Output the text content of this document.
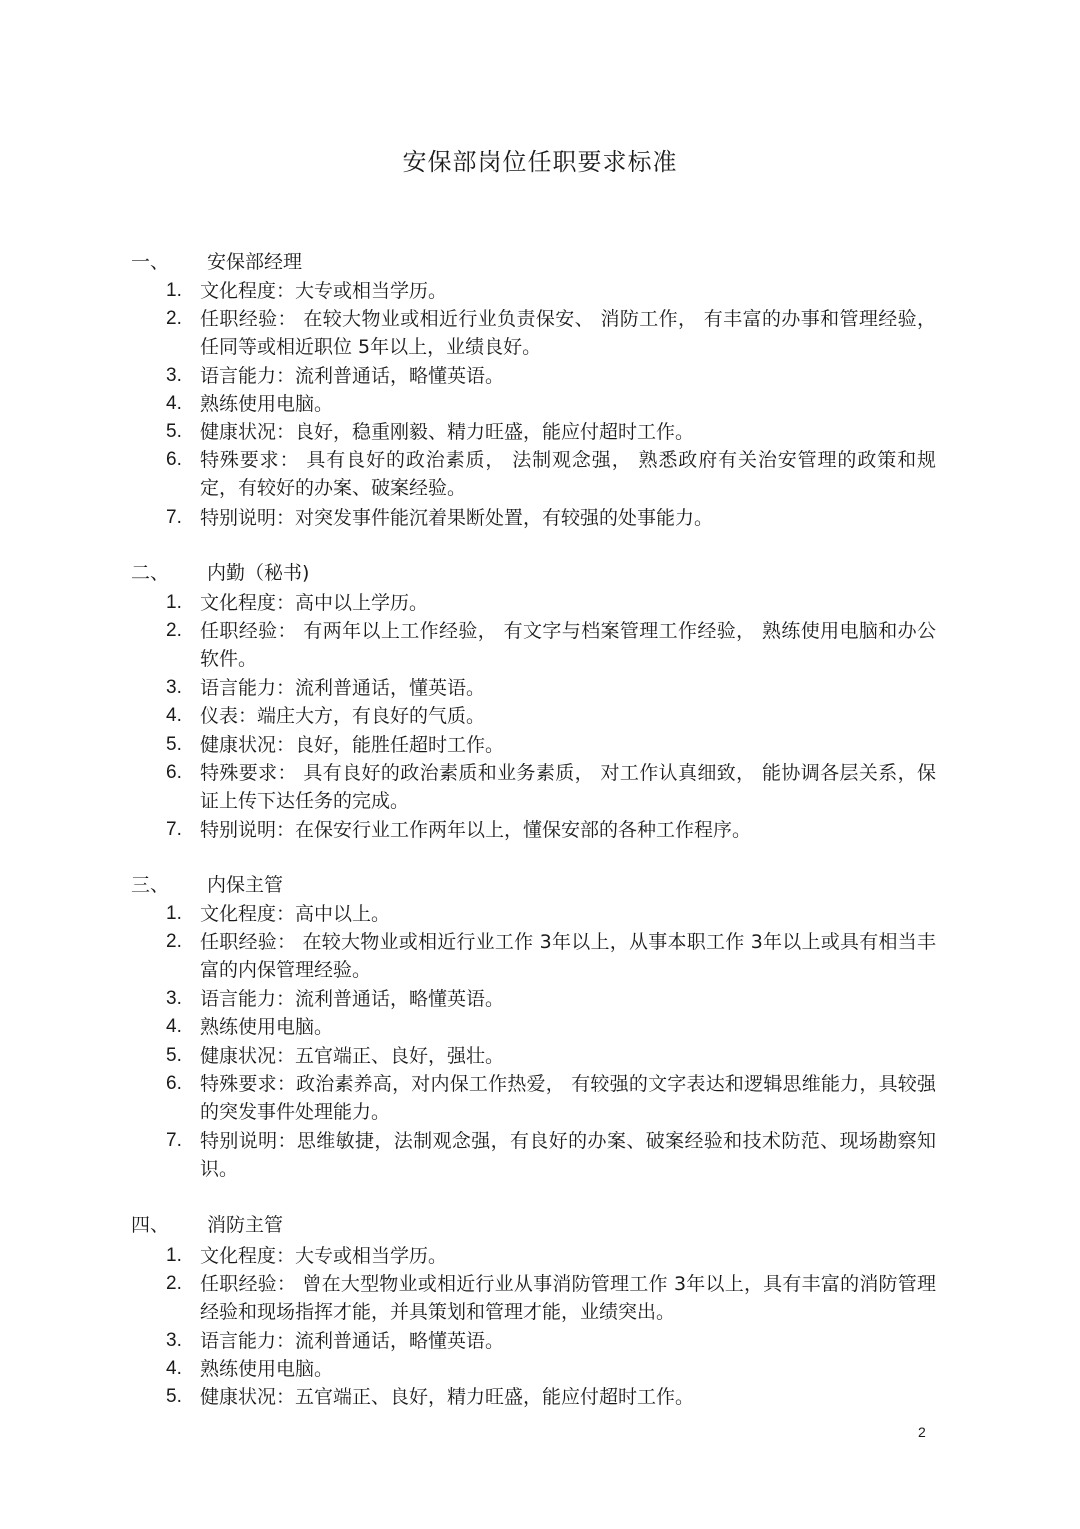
安保部岗位任职要求标准
一、 安保部经理
1. 文化程度：大专或相当学历。
2. 任职经验： 在较大物业或相近行业负责保安、 消防工作， 有丰富的办事和管理经验，任同等或相近职位 5年以上，业绩良好。
3. 语言能力：流利普通话，略懂英语。
4. 熟练使用电脑。
5. 健康状况：良好，稳重刚毅、精力旺盛，能应付超时工作。
6. 特殊要求： 具有良好的政治素质， 法制观念强， 熟悉政府有关治安管理的政策和规定，有较好的办案、破案经验。
7. 特别说明：对突发事件能沉着果断处置，有较强的处事能力。
二、 内勤（秘书)
1. 文化程度：高中以上学历。
2. 任职经验： 有两年以上工作经验， 有文字与档案管理工作经验， 熟练使用电脑和办公软件。
3. 语言能力：流利普通话，懂英语。
4. 仪表：端庄大方，有良好的气质。
5. 健康状况：良好，能胜任超时工作。
6. 特殊要求： 具有良好的政治素质和业务素质， 对工作认真细致， 能协调各层关系，保证上传下达任务的完成。
7. 特别说明：在保安行业工作两年以上，懂保安部的各种工作程序。
三、 内保主管
1. 文化程度：高中以上。
2. 任职经验： 在较大物业或相近行业工作 3年以上，从事本职工作 3年以上或具有相当丰富的内保管理经验。
3. 语言能力：流利普通话，略懂英语。
4. 熟练使用电脑。
5. 健康状况：五官端正、良好，强壮。
6. 特殊要求：政治素养高，对内保工作热爱， 有较强的文字表达和逻辑思维能力，具较强的突发事件处理能力。
7. 特别说明：思维敏捷，法制观念强，有良好的办案、破案经验和技术防范、现场勘察知识。
四、 消防主管
1. 文化程度：大专或相当学历。
2. 任职经验： 曾在大型物业或相近行业从事消防管理工作 3年以上，具有丰富的消防管理经验和现场指挥才能，并具策划和管理才能，业绩突出。
3. 语言能力：流利普通话，略懂英语。
4. 熟练使用电脑。
5. 健康状况：五官端正、良好，精力旺盛，能应付超时工作。
2
